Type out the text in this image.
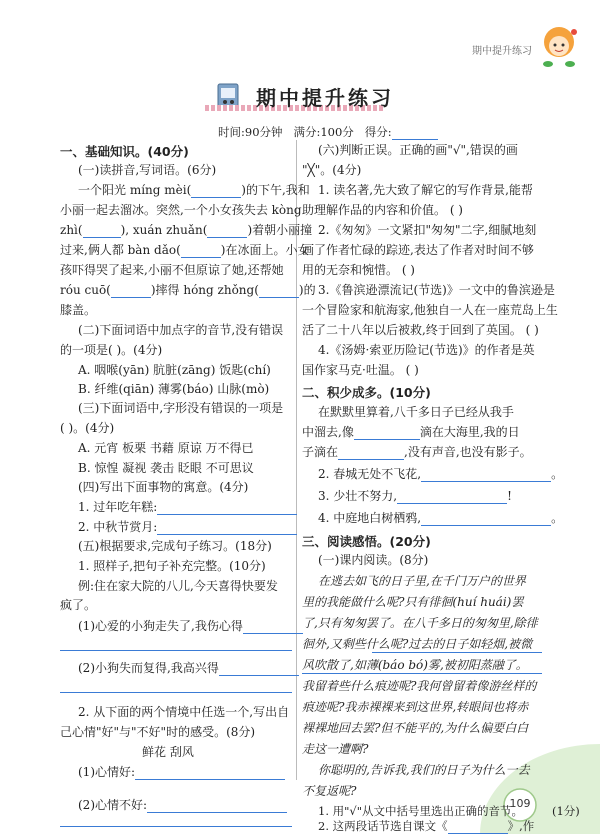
期中提升练习
期中提升练习
时间:90分钟 满分:100分 得分:
一、基础知识。(40分)
(一)读拼音,写词语。(6分)
一个阳光 míng mèi(	)的下午,我和
小丽一起去溜冰。突然,一个小女孩失去 kòng
zhì(	), xuán zhuǎn(	)着朝小丽撞
过来,俩人都 bàn dǎo(	)在冰面上。小女
孩吓得哭了起来,小丽不但原谅了她,还帮她
róu cuō(	)摔得 hóng zhǒng(	)的
膝盖。
(二)下面词语中加点字的音节,没有错误
的一项是( )。(4分)
A. 咽喉(yān) 肮脏(zāng) 饭匙(chí)
B. 纤维(qiān) 薄雾(báo) 山脉(mò)
(三)下面词语中,字形没有错误的一项是
( )。(4分)
A. 元宵 板栗 书藉 原谅 万不得已
B. 惊惶 凝视 袭击 眨眼 不可思议
(四)写出下面事物的寓意。(4分)
1. 过年吃年糕:
2. 中秋节赏月:
(五)根据要求,完成句子练习。(18分)
1. 照样子,把句子补充完整。(10分)
例:住在家大院的八儿,今天喜得快要发
疯了。
(1)心爱的小狗走失了,我伤心得
(2)小狗失而复得,我高兴得
2. 从下面的两个情境中任选一个,写出自
己心情"好"与"不好"时的感受。(8分)
鲜花 刮风
(1)心情好:
(2)心情不好:
(六)判断正误。正确的画"√",错误的画
"╳"。(4分)
1. 读名著,先大致了解它的写作背景,能帮
助理解作品的内容和价值。 ( )
2.《匆匆》一文紧扣"匆匆"二字,细腻地刻
画了作者忙碌的踪迹,表达了作者对时间不够
用的无奈和惋惜。 ( )
3.《鲁滨逊漂流记(节选)》一文中的鲁滨逊是
一个冒险家和航海家,他独自一人在一座荒岛上生
活了二十八年以后被救,终于回到了英国。 ( )
4.《汤姆·索亚历险记(节选)》的作者是英
国作家马克·吐温。 ( )
二、积少成多。(10分)
在默默里算着,八千多日子已经从我手
中溜去,像	滴在大海里,我的日
子滴在	,没有声音,也没有影子。
2. 春城无处不飞花,	。
3. 少壮不努力,	!
4. 中庭地白树栖鸦,	。
三、阅读感悟。(20分)
(一)课内阅读。(8分)
在逃去如飞的日子里,在千门万户的世界
里的我能做什么呢?只有徘徊(huí huái)罢
了,只有匆匆罢了。在八千多日的匆匆里,除徘
徊外,又剩些什么呢?过去的日子如轻烟,被微
风吹散了,如薄(báo bó)雾,被初阳蒸融了。
我留着些什么痕迹呢?我何曾留着像游丝样的
痕迹呢?我赤裸裸来到这世界,转眼间也将赤
裸裸地回去罢?但不能平的,为什么偏要白白
走这一遭啊?
你聪明的,告诉我,我们的日子为什么一去
不复返呢?
1. 用"√"从文中括号里选出正确的音节。	(1分)
2. 这两段话节选自课文《	》,作
109
